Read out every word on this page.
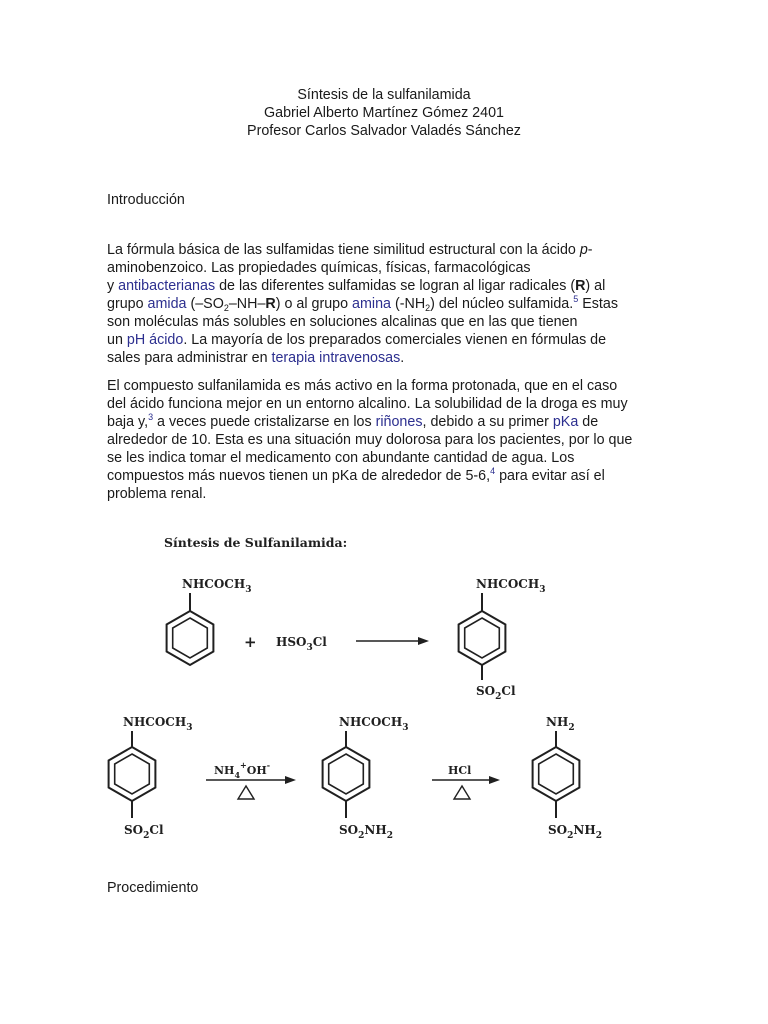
Síntesis de la sulfanilamida
Gabriel Alberto Martínez Gómez 2401
Profesor Carlos Salvador Valadés Sánchez
Introducción
La fórmula básica de las sulfamidas tiene similitud estructural con la ácido p-
aminobenzoico. Las propiedades químicas, físicas, farmacológicas
y antibacterianas de las diferentes sulfamidas se logran al ligar radicales (R) al
grupo amida $(-SO_2-NH-R)$ o al grupo amina $(-NH_2)$ del núcleo sulfamida.$^5$ Estas
son moléculas más solubles en soluciones alcalinas que en las que tienen
un pH ácido. La mayoría de los preparados comerciales vienen en fórmulas de
sales para administrar en terapia intravenosas.
El compuesto sulfanilamida es más activo en la forma protonada, que en el caso
del ácido funciona mejor en un entorno alcalino. La solubilidad de la droga es muy
baja y,$^3$ a veces puede cristalizarse en los riñones, debido a su primer pKa de
alrededor de 10. Esta es una situación muy dolorosa para los pacientes, por lo que
se les indica tomar el medicamento con abundante cantidad de agua. Los
compuestos más nuevos tienen un pKa de alrededor de 5-6,$^4$ para evitar así el
problema renal.
Síntesis de Sulfanilamida:
$NHCOCH_3$
+ $HSO_3Cl$
$NHCOCH_3$
$SO_2Cl$
$NHCOCH_3$
$SO_2Cl$
$NH_4^+OH^-$
$NHCOCH_3$
$SO_2NH_2$
HCl
$NH_2$
$SO_2NH_2$
Procedimiento
